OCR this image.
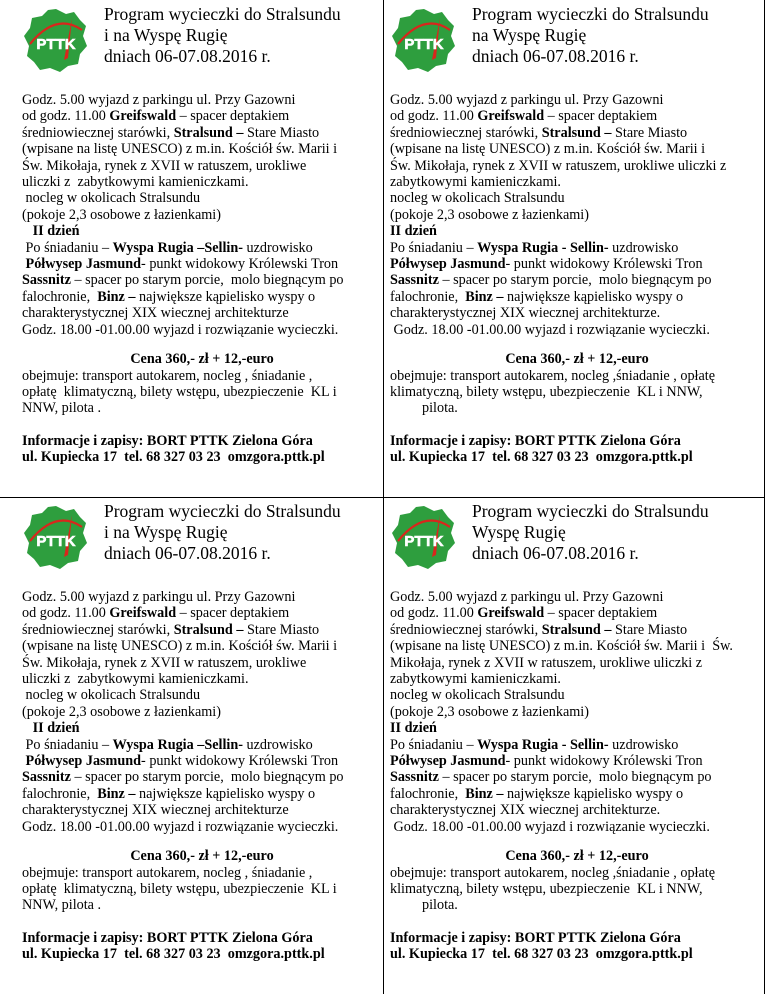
PTTK
Program wycieczki do Stralsundu
i na Wyspę Rugię
dniach 06-07.08.2016 r.

Godz. 5.00 wyjazd z parkingu ul. Przy Gazowni

od godz. 11.00 Greifswald – spacer deptakiem

średniowiecznej starówki, Stralsund – Stare Miasto

(wpisane na listę UNESCO) z m.in. Kościół św. Marii i

Św. Mikołaja, rynek z XVII w ratuszem, urokliwe

uliczki z  zabytkowymi kamieniczkami.

nocleg w okolicach Stralsundu

(pokoje 2,3 osobowe z łazienkami)

II dzień

Po śniadaniu – Wyspa Rugia –Sellin- uzdrowisko

Półwysep Jasmund- punkt widokowy Królewski Tron

Sassnitz – spacer po starym porcie,  molo biegnącym po

falochronie,  Binz – największe kąpielisko wyspy o

charakterystycznej XIX wiecznej architekturze

Godz. 18.00 -01.00.00 wyjazd i rozwiązanie wycieczki.

Cena 360,- zł + 12,-euro

obejmuje: transport autokarem, nocleg , śniadanie ,

opłatę  klimatyczną, bilety wstępu, ubezpieczenie  KL i

NNW, pilota .

Informacje i zapisy: BORT PTTK Zielona Góra

ul. Kupiecka 17  tel. 68 327 03 23  omzgora.pttk.pl

PTTK
Program wycieczki do Stralsundu
na Wyspę Rugię
dniach 06-07.08.2016 r.

Godz. 5.00 wyjazd z parkingu ul. Przy Gazowni

od godz. 11.00 Greifswald – spacer deptakiem

średniowiecznej starówki, Stralsund – Stare Miasto

(wpisane na listę UNESCO) z m.in. Kościół św. Marii i

Św. Mikołaja, rynek z XVII w ratuszem, urokliwe uliczki z

zabytkowymi kamieniczkami.

nocleg w okolicach Stralsundu

(pokoje 2,3 osobowe z łazienkami)

II dzień

Po śniadaniu – Wyspa Rugia - Sellin- uzdrowisko

Półwysep Jasmund- punkt widokowy Królewski Tron

Sassnitz – spacer po starym porcie,  molo biegnącym po

falochronie,  Binz – największe kąpielisko wyspy o

charakterystycznej XIX wiecznej architekturze.

Godz. 18.00 -01.00.00 wyjazd i rozwiązanie wycieczki.

Cena 360,- zł + 12,-euro

obejmuje: transport autokarem, nocleg ,śniadanie , opłatę

klimatyczną, bilety wstępu, ubezpieczenie  KL i NNW,

pilota.

Informacje i zapisy: BORT PTTK Zielona Góra

ul. Kupiecka 17  tel. 68 327 03 23  omzgora.pttk.pl

PTTK
Program wycieczki do Stralsundu
i na Wyspę Rugię
dniach 06-07.08.2016 r.

Godz. 5.00 wyjazd z parkingu ul. Przy Gazowni

od godz. 11.00 Greifswald – spacer deptakiem

średniowiecznej starówki, Stralsund – Stare Miasto

(wpisane na listę UNESCO) z m.in. Kościół św. Marii i

Św. Mikołaja, rynek z XVII w ratuszem, urokliwe

uliczki z  zabytkowymi kamieniczkami.

nocleg w okolicach Stralsundu

(pokoje 2,3 osobowe z łazienkami)

II dzień

Po śniadaniu – Wyspa Rugia –Sellin- uzdrowisko

Półwysep Jasmund- punkt widokowy Królewski Tron

Sassnitz – spacer po starym porcie,  molo biegnącym po

falochronie,  Binz – największe kąpielisko wyspy o

charakterystycznej XIX wiecznej architekturze

Godz. 18.00 -01.00.00 wyjazd i rozwiązanie wycieczki.

Cena 360,- zł + 12,-euro

obejmuje: transport autokarem, nocleg , śniadanie ,

opłatę  klimatyczną, bilety wstępu, ubezpieczenie  KL i

NNW, pilota .

Informacje i zapisy: BORT PTTK Zielona Góra

ul. Kupiecka 17  tel. 68 327 03 23  omzgora.pttk.pl

PTTK
Program wycieczki do Stralsundu
Wyspę Rugię
dniach 06-07.08.2016 r.

Godz. 5.00 wyjazd z parkingu ul. Przy Gazowni

od godz. 11.00 Greifswald – spacer deptakiem

średniowiecznej starówki, Stralsund – Stare Miasto

(wpisane na listę UNESCO) z m.in. Kościół św. Marii i  Św.

Mikołaja, rynek z XVII w ratuszem, urokliwe uliczki z

zabytkowymi kamieniczkami.

nocleg w okolicach Stralsundu

(pokoje 2,3 osobowe z łazienkami)

II dzień

Po śniadaniu – Wyspa Rugia - Sellin- uzdrowisko

Półwysep Jasmund- punkt widokowy Królewski Tron

Sassnitz – spacer po starym porcie,  molo biegnącym po

falochronie,  Binz – największe kąpielisko wyspy o

charakterystycznej XIX wiecznej architekturze.

Godz. 18.00 -01.00.00 wyjazd i rozwiązanie wycieczki.

Cena 360,- zł + 12,-euro

obejmuje: transport autokarem, nocleg ,śniadanie , opłatę

klimatyczną, bilety wstępu, ubezpieczenie  KL i NNW,

pilota.

Informacje i zapisy: BORT PTTK Zielona Góra

ul. Kupiecka 17  tel. 68 327 03 23  omzgora.pttk.pl
